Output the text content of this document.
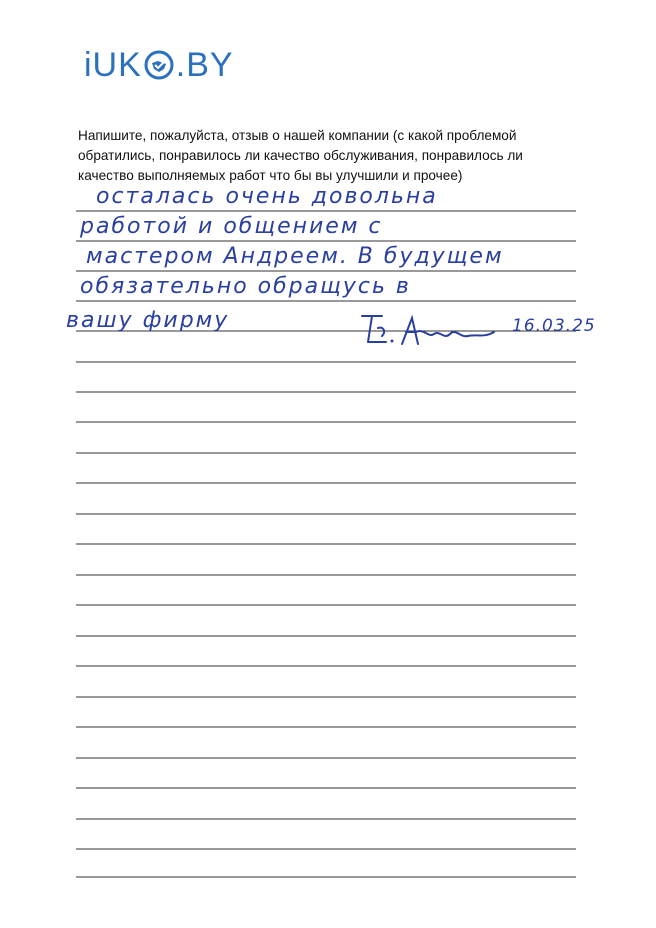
iUK .BY
Напишите, пожалуйста, отзыв о нашей компании (с какой проблемой обратились, понравилось ли качество обслуживания, понравилось ли качество выполняемых работ что бы вы улучшили и прочее)
осталась очень довольна
работой и общением с
мастером Андреем. В будущем
обязательно обращусь в
вашу фирму	16.03.25
